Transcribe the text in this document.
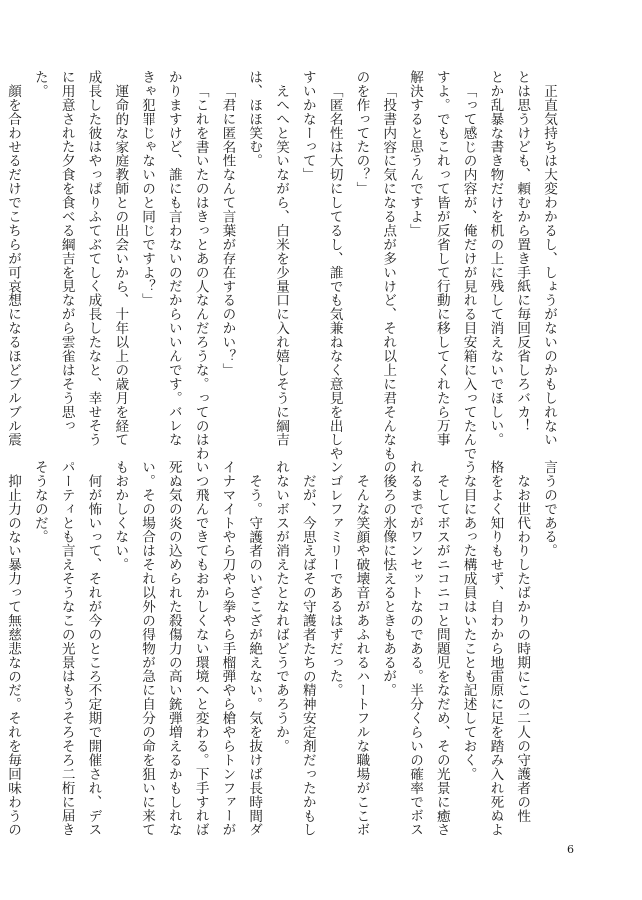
正直気持ちは大変わかるし、しょうがないのかもしれない

とは思うけども、頼むから置き手紙に毎回反省しろバカ！

とか乱暴な書き物だけを机の上に残して消えないでほしい。

「って感じの内容が、俺だけが見れる目安箱に入ってたんで

すよ。でもこれって皆が反省して行動に移してくれたら万事

解決すると思うんですよ」

「投書内容に気になる点が多いけど、それ以上に君そんなも

のを作ってたの？」

「匿名性は大切にしてるし、誰でも気兼ねなく意見を出しや

すいかなーって」

えへへと笑いながら、白米を少量口に入れ嬉しそうに綱吉

は、ほほ笑む。

「君に匿名性なんて言葉が存在するのかい？」

「これを書いたのはきっとあの人なんだろうな。ってのはわ

かりますけど、誰にも言わないのだからいいんです。バレな

きゃ犯罪じゃないのと同じですよ？」

運命的な家庭教師との出会いから、十年以上の歳月を経て

成長した彼はやっぱりふてぶてしく成長したなと、幸せそう

に用意された夕食を食べる綱吉を見ながら雲雀はそう思っ

た。

顔を合わせるだけでこちらが可哀想になるほどブルブル震

言うのである。

なお世代わりしたばかりの時期にこの二人の守護者の性

格をよく知りもせず、自わから地雷原に足を踏み入れ死ぬよ

うな目にあった構成員はいたことも記述しておく。

そしてボスがニコニコと問題児をなだめ、その光景に癒さ

れるまでがワンセットなのである。半分くらいの確率でボス

の後ろの氷像に怯えるときもあるが。

そんな笑顔や破壊音があふれるハートフルな職場がここボ

ンゴレファミリーであるはずだった。

だが、今思えばその守護者たちの精神安定剤だったかもし

れないボスが消えたとなればどうであろうか。

そう。守護者のいざこざが絶えない。気を抜けば長時間ダ

イナマイトやら刀やら拳やら手榴弾やら槍やらトンファーが

いつ飛んできてもおかしくない環境へと変わる。下手すれば

死ぬ気の炎の込められた殺傷力の高い銃弾増えるかもしれな

い。その場合はそれ以外の得物が急に自分の命を狙いに来て

もおかしくない。

何が怖いって、それが今のところ不定期で開催され、デス

パーティとも言えそうなこの光景はもうそろそろ二桁に届き

そうなのだ。

抑止力のない暴力って無慈悲なのだ。それを毎回味わうの

6
